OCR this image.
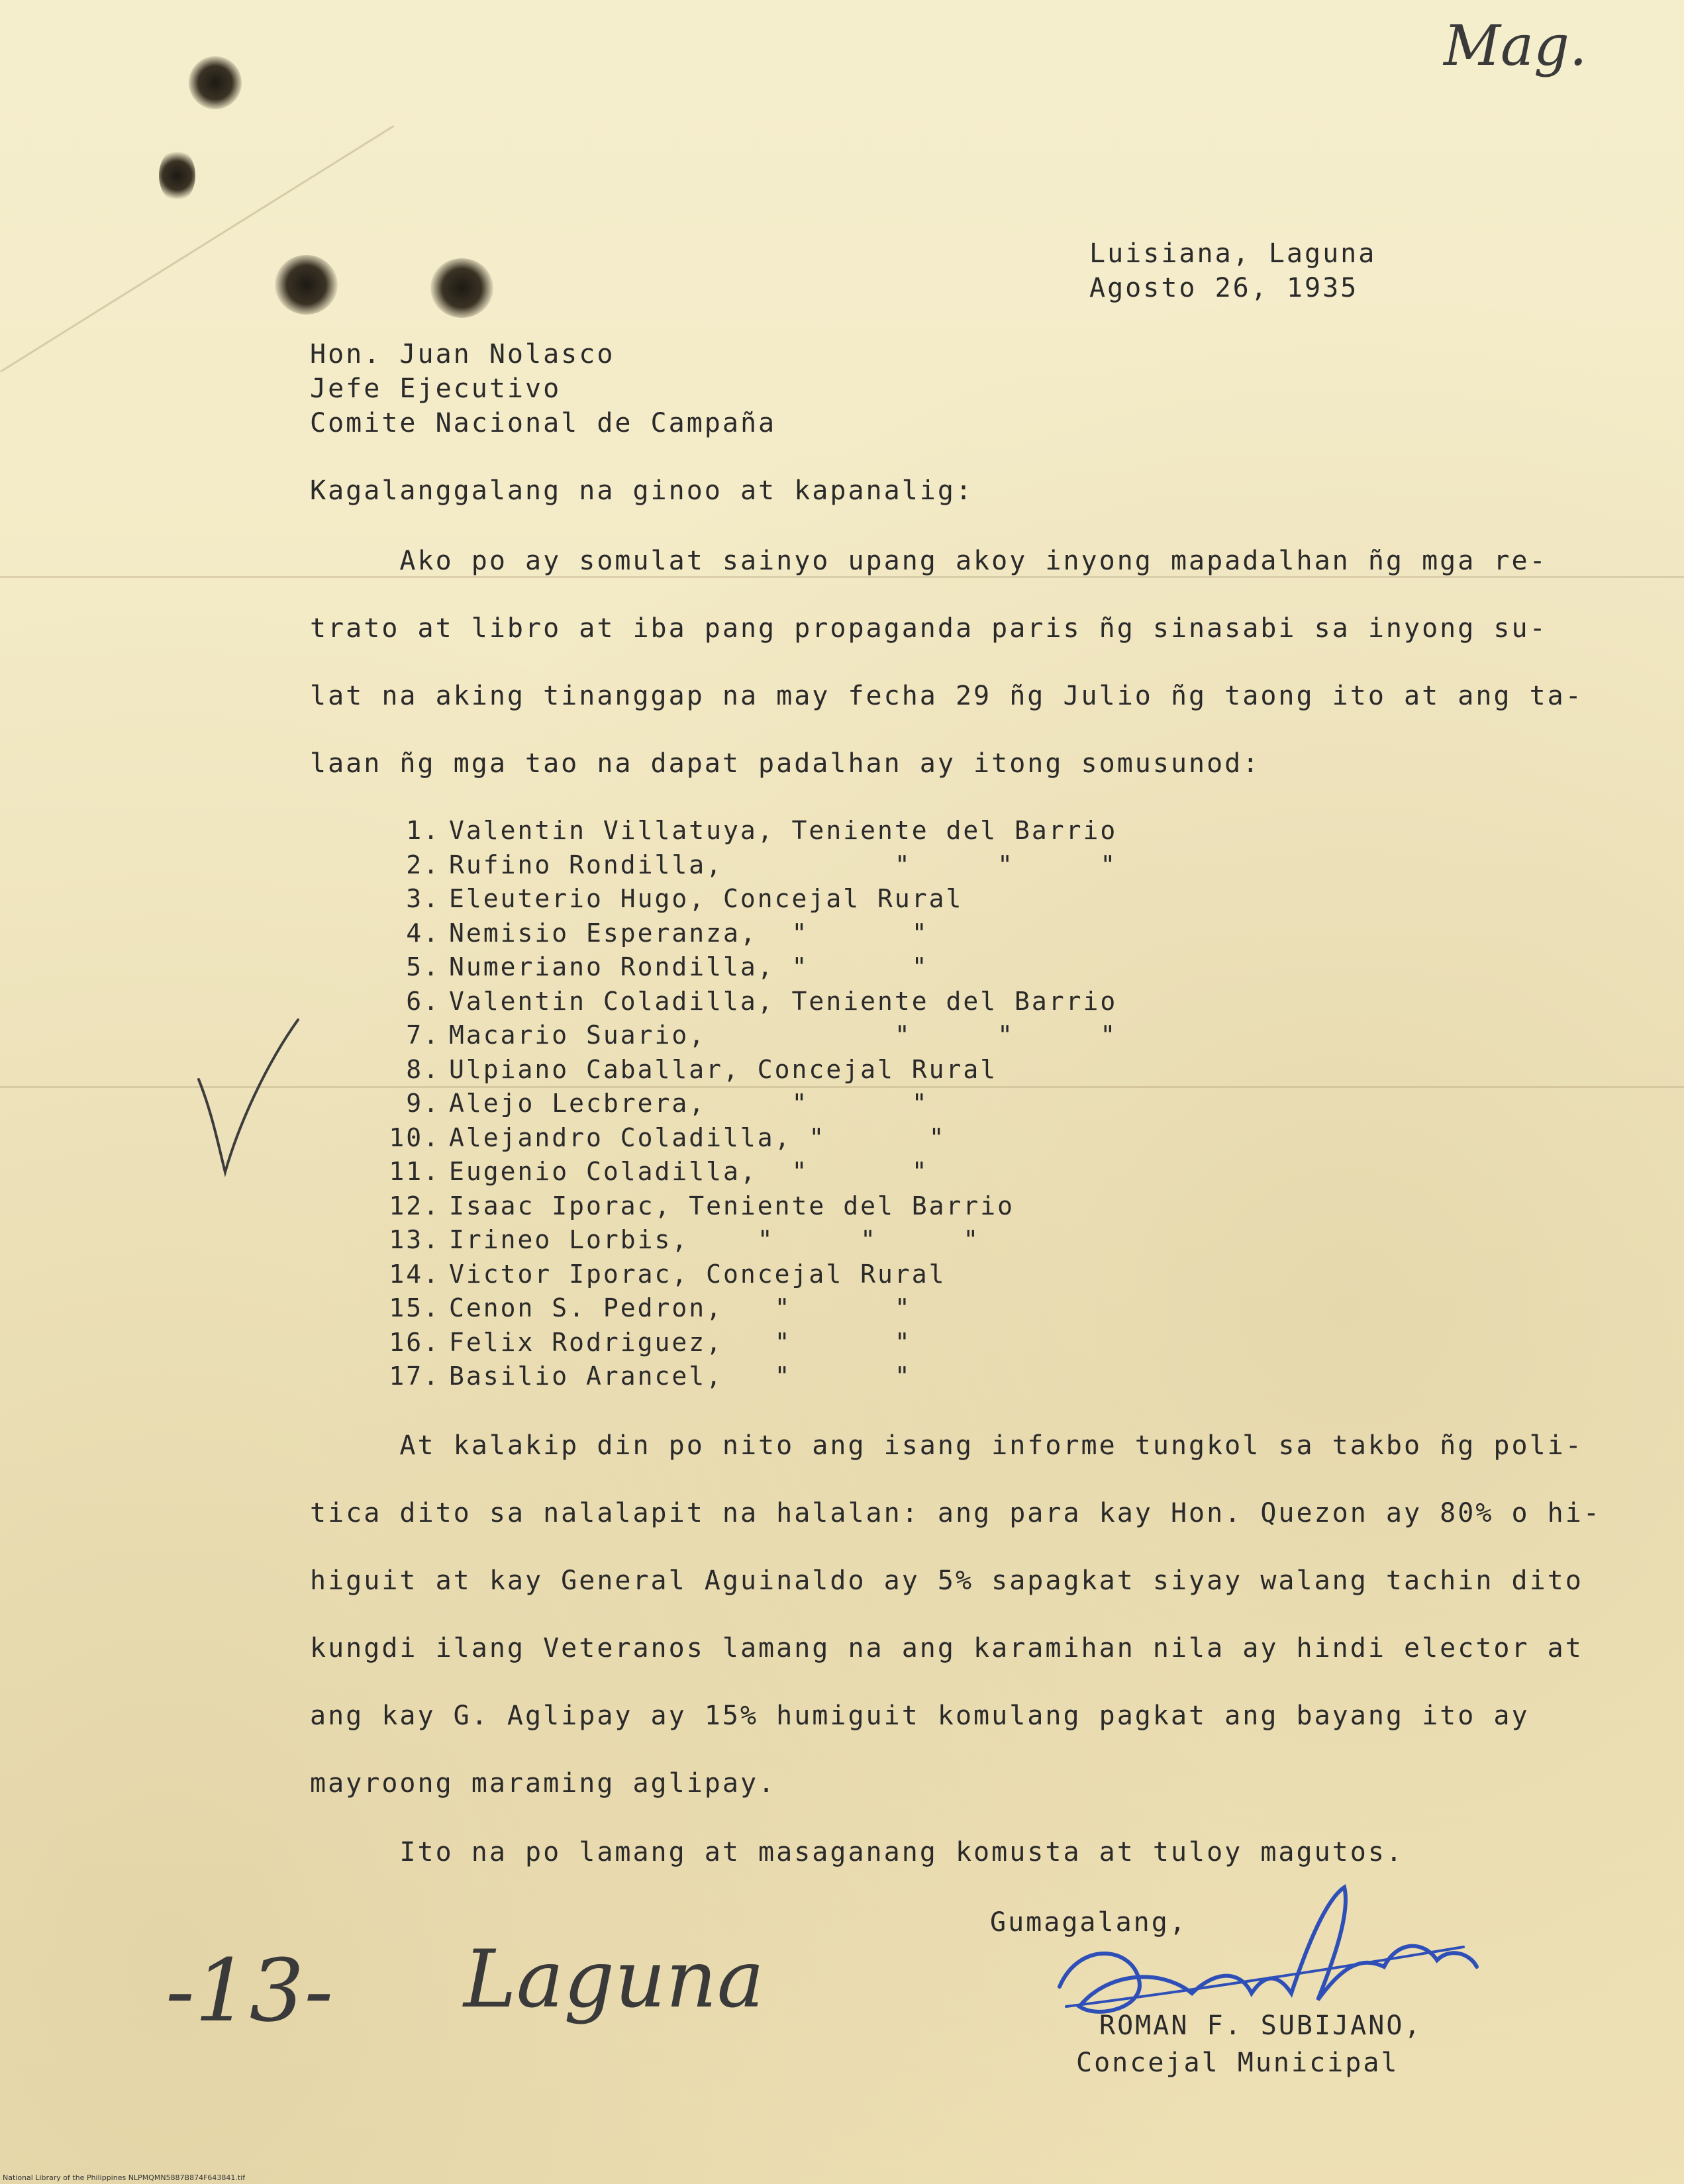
Mag.
Luisiana, Laguna
Agosto 26, 1935
Hon. Juan Nolasco
Jefe Ejecutivo
Comite Nacional de Campaña
Kagalanggalang na ginoo at kapanalig:
Ako po ay somulat sainyo upang akoy inyong mapadalhan ñg mga re-
trato at libro at iba pang propaganda paris ñg sinasabi sa inyong su-
lat na aking tinanggap na may fecha 29 ñg Julio ñg taong ito at ang ta-
laan ñg mga tao na dapat padalhan ay itong somusunod:
1. Valentin Villatuya, Teniente del Barrio
2. Rufino Rondilla,          "     "     "
3. Eleuterio Hugo, Concejal Rural
4. Nemisio Esperanza,  "      "
5. Numeriano Rondilla, "      "
6. Valentin Coladilla, Teniente del Barrio
7. Macario Suario,           "     "     "
8. Ulpiano Caballar, Concejal Rural
9. Alejo Lecbrera,     "      "
10. Alejandro Coladilla, "      "
11. Eugenio Coladilla,  "      "
12. Isaac Iporac, Teniente del Barrio
13. Irineo Lorbis,    "     "     "
14. Victor Iporac, Concejal Rural
15. Cenon S. Pedron,   "      "
16. Felix Rodriguez,   "      "
17. Basilio Arancel,   "      "
At kalakip din po nito ang isang informe tungkol sa takbo ñg poli-
tica dito sa nalalapit na halalan: ang para kay Hon. Quezon ay 80% o hi-
higuit at kay General Aguinaldo ay 5% sapagkat siyay walang tachin dito
kungdi ilang Veteranos lamang na ang karamihan nila ay hindi elector at
ang kay G. Aglipay ay 15% humiguit komulang pagkat ang bayang ito ay
mayroong maraming aglipay.
Ito na po lamang at masaganang komusta at tuloy magutos.
Gumagalang,
ROMAN F. SUBIJANO,
Concejal Municipal
-13- Laguna
National Library of the Philippines NLPMQMN5887B874F643841.tif
